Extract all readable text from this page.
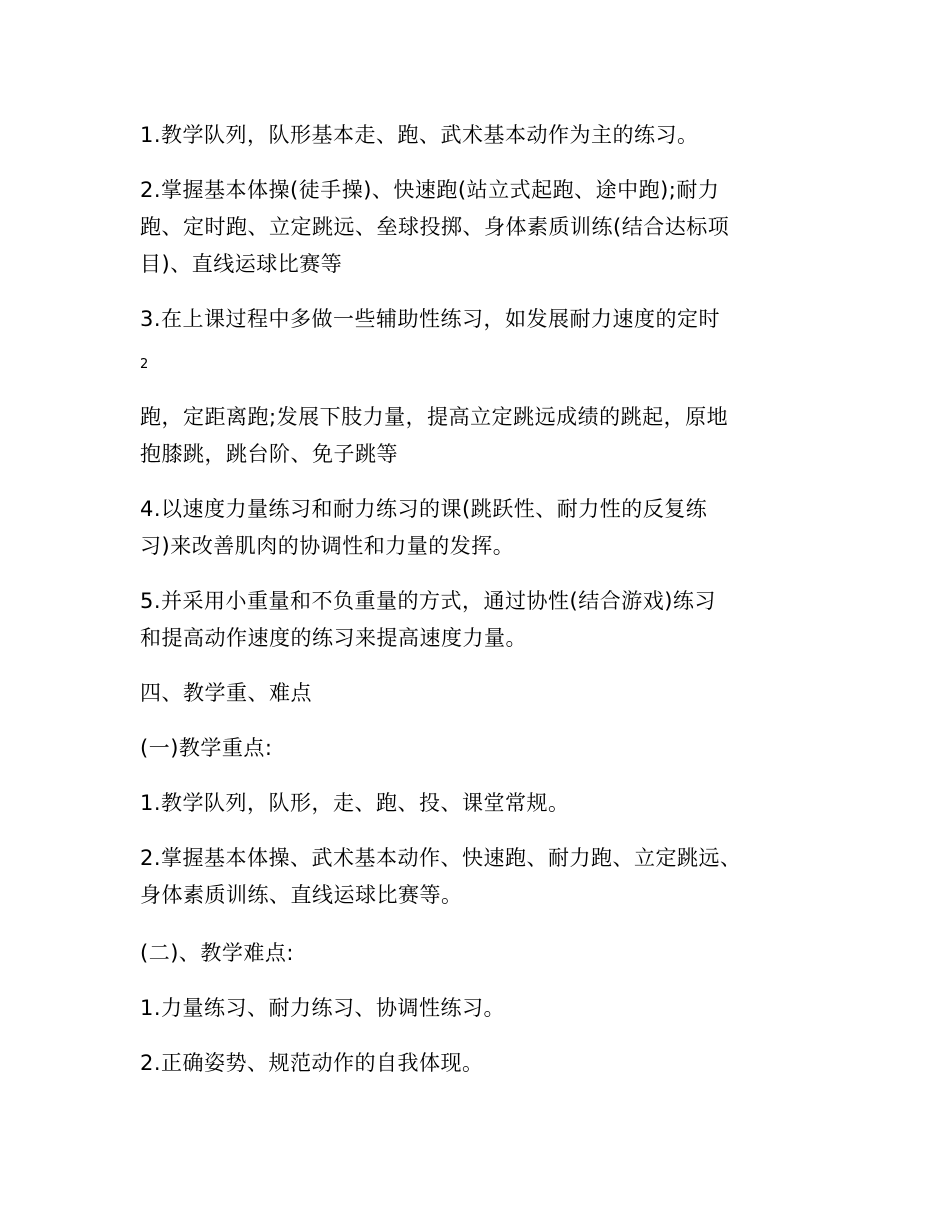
1.教学队列，队形基本走、跑、武术基本动作为主的练习。

2.掌握基本体操(徒手操)、快速跑(站立式起跑、途中跑);耐力
跑、定时跑、立定跳远、垒球投掷、身体素质训练(结合达标项
目)、直线运球比赛等

3.在上课过程中多做一些辅助性练习，如发展耐力速度的定时

2

跑，定距离跑;发展下肢力量，提高立定跳远成绩的跳起，原地
抱膝跳，跳台阶、免子跳等

4.以速度力量练习和耐力练习的课(跳跃性、耐力性的反复练
习)来改善肌肉的协调性和力量的发挥。

5.并采用小重量和不负重量的方式，通过协性(结合游戏)练习
和提高动作速度的练习来提高速度力量。

四、教学重、难点

(一)教学重点:

1.教学队列，队形，走、跑、投、课堂常规。

2.掌握基本体操、武术基本动作、快速跑、耐力跑、立定跳远、
身体素质训练、直线运球比赛等。

(二)、教学难点:

1.力量练习、耐力练习、协调性练习。

2.正确姿势、规范动作的自我体现。
